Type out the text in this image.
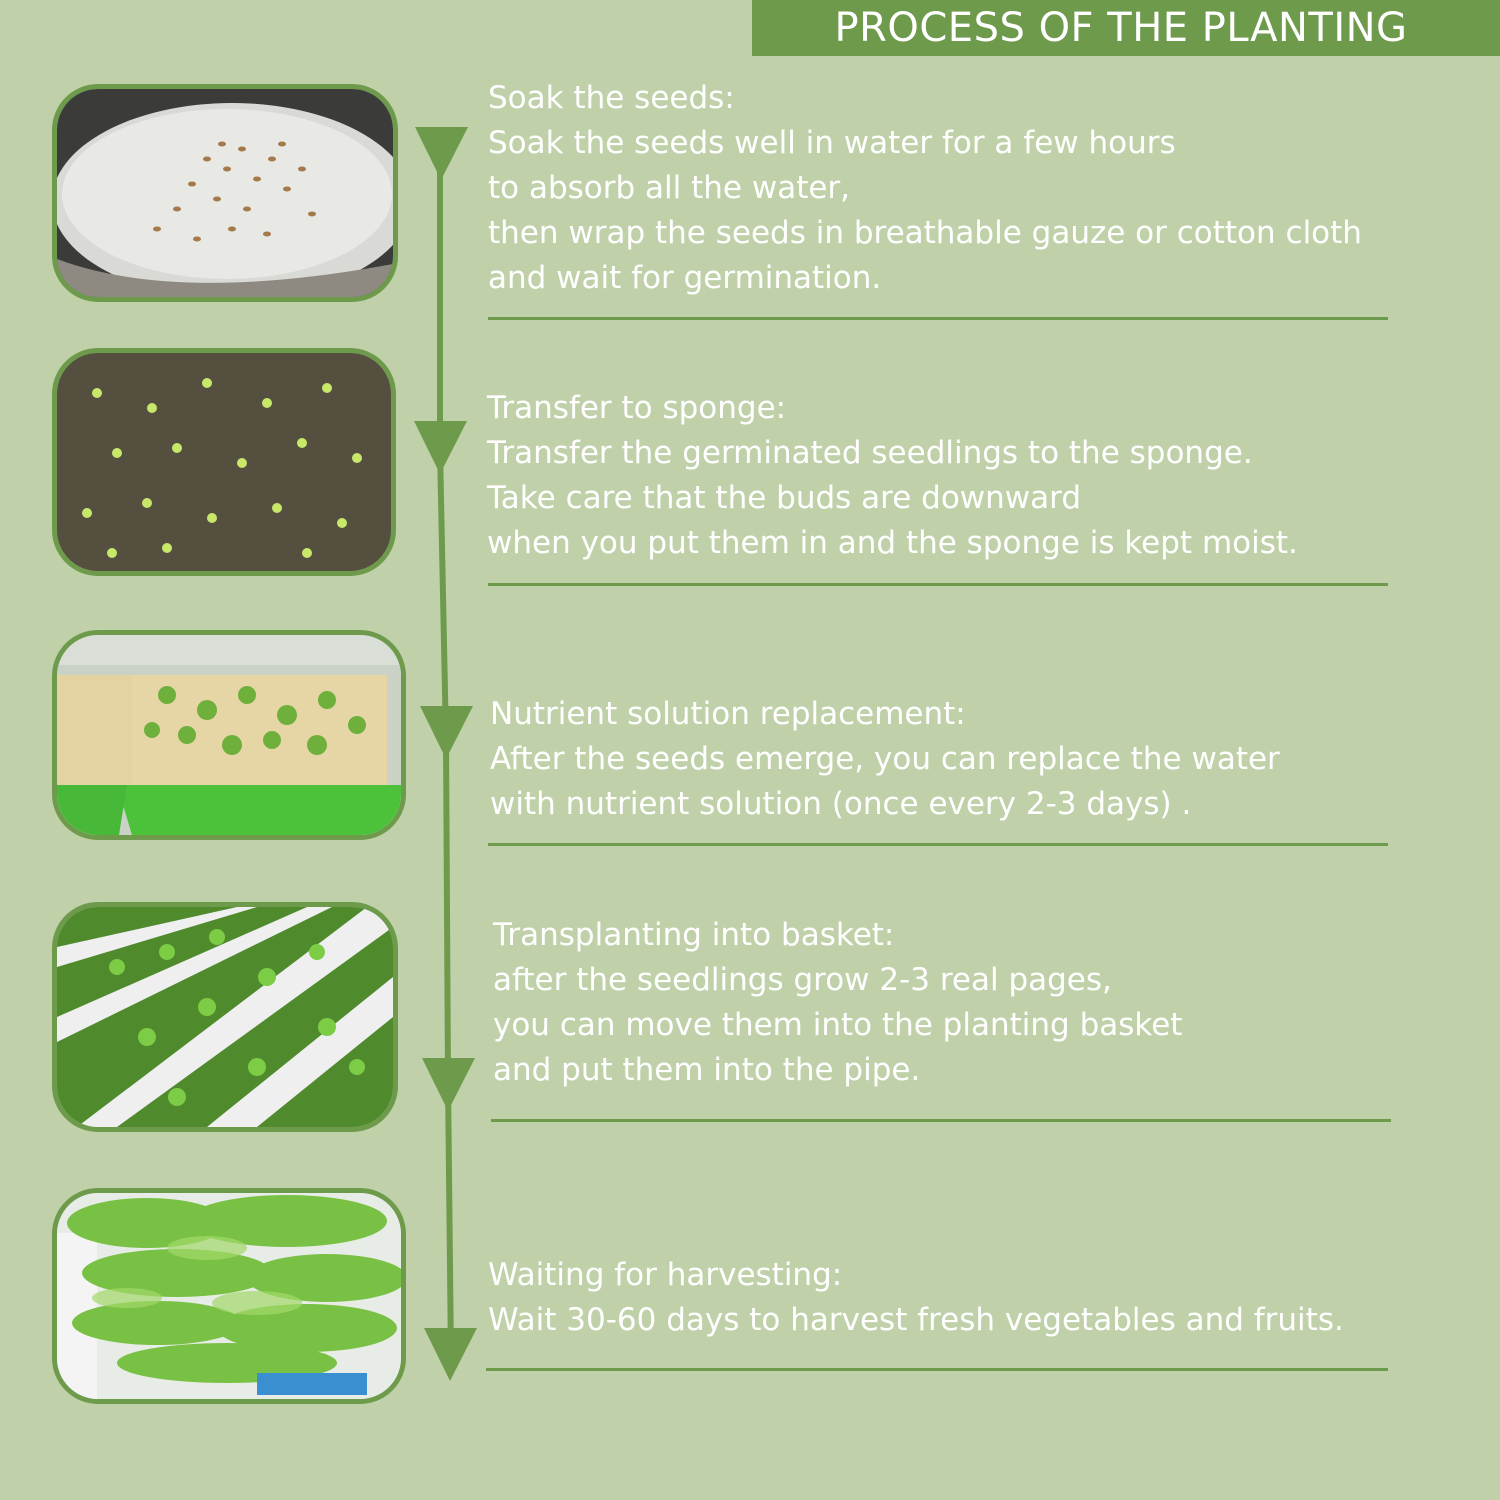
PROCESS OF THE PLANTING

Soak the seeds:

Soak the seeds well in water for a few hours

to absorb all the water,

then wrap the seeds in breathable gauze or cotton cloth

and wait for germination.

Transfer to sponge:

Transfer the germinated seedlings to the sponge.

Take care that the buds are downward

when you put them in and the sponge is kept moist.

Nutrient solution replacement:

After the seeds emerge, you can replace the water

with nutrient solution (once every 2-3 days) .

Transplanting into basket:

after the seedlings grow 2-3 real pages,

you can move them into the planting basket

and put them into the pipe.

Waiting for harvesting:

Wait 30-60 days to harvest fresh vegetables and fruits.
